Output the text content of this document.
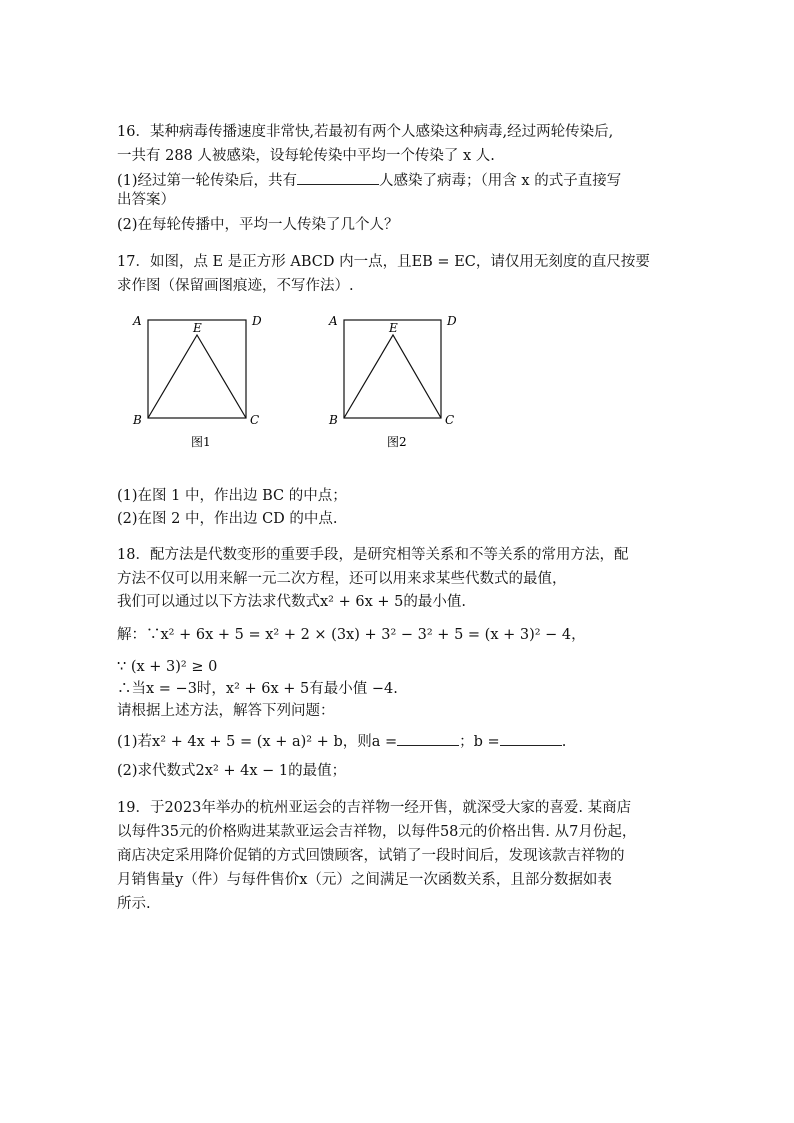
16．某种病毒传播速度非常快,若最初有两个人感染这种病毒,经过两轮传染后,
一共有 288 人被感染，设每轮传染中平均一个传染了 x 人.
(1)经过第一轮传染后，共有	人感染了病毒；（用含 x 的式子直接写
出答案）
(2)在每轮传播中，平均一人传染了几个人？
17．如图，点 E 是正方形 ABCD 内一点，且EB = EC，请仅用无刻度的直尺按要
求作图（保留画图痕迹，不写作法）.
A	D
E
B	C
图1
A	D
E
B	C
图2
(1)在图 1 中，作出边 BC 的中点；
(2)在图 2 中，作出边 CD 的中点.
18．配方法是代数变形的重要手段，是研究相等关系和不等关系的常用方法，配
方法不仅可以用来解一元二次方程，还可以用来求某些代数式的最值，
我们可以通过以下方法求代数式x² + 6x + 5的最小值.
解：∵x² + 6x + 5 = x² + 2 × (3x) + 3² − 3² + 5 = (x + 3)² − 4，
∵ (x + 3)² ≥ 0
∴当x = −3时，x² + 6x + 5有最小值 −4.
请根据上述方法，解答下列问题：
(1)若x² + 4x + 5 = (x + a)² + b，则a =	；b =	.
(2)求代数式2x² + 4x − 1的最值；
19．于2023年举办的杭州亚运会的吉祥物一经开售，就深受大家的喜爱. 某商店
以每件35元的价格购进某款亚运会吉祥物，以每件58元的价格出售. 从7月份起，
商店决定采用降价促销的方式回馈顾客，试销了一段时间后，发现该款吉祥物的
月销售量y（件）与每件售价x（元）之间满足一次函数关系，且部分数据如表
所示.
